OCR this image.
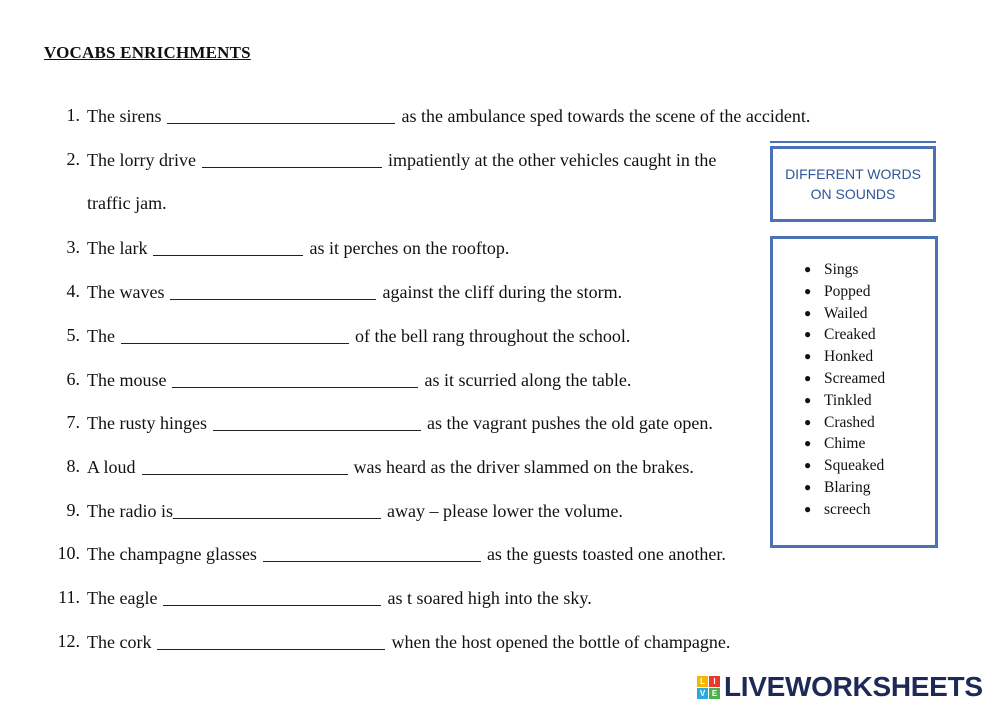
VOCABS ENRICHMENTS
1. The sirens	as the ambulance sped towards the scene of the accident.
2. The lorry drive	impatiently at the other vehicles caught in the
traffic jam.
3. The lark	as it perches on the rooftop.
4. The waves	against the cliff during the storm.
5. The	of the bell rang throughout the school.
6. The mouse	as it scurried along the table.
7. The rusty hinges	as the vagrant pushes the old gate open.
8. A loud	was heard as the driver slammed on the brakes.
9. The radio is	away – please lower the volume.
10. The champagne glasses	as the guests toasted one another.
11. The eagle	as t soared high into the sky.
12. The cork	when the host opened the bottle of champagne.
DIFFERENT WORDS
ON SOUNDS
● Sings
● Popped
● Wailed
● Creaked
● Honked
● Screamed
● Tinkled
● Crashed
● Chime
● Squeaked
● Blaring
● screech
L	I
V E LIVEWORKSHEETS
